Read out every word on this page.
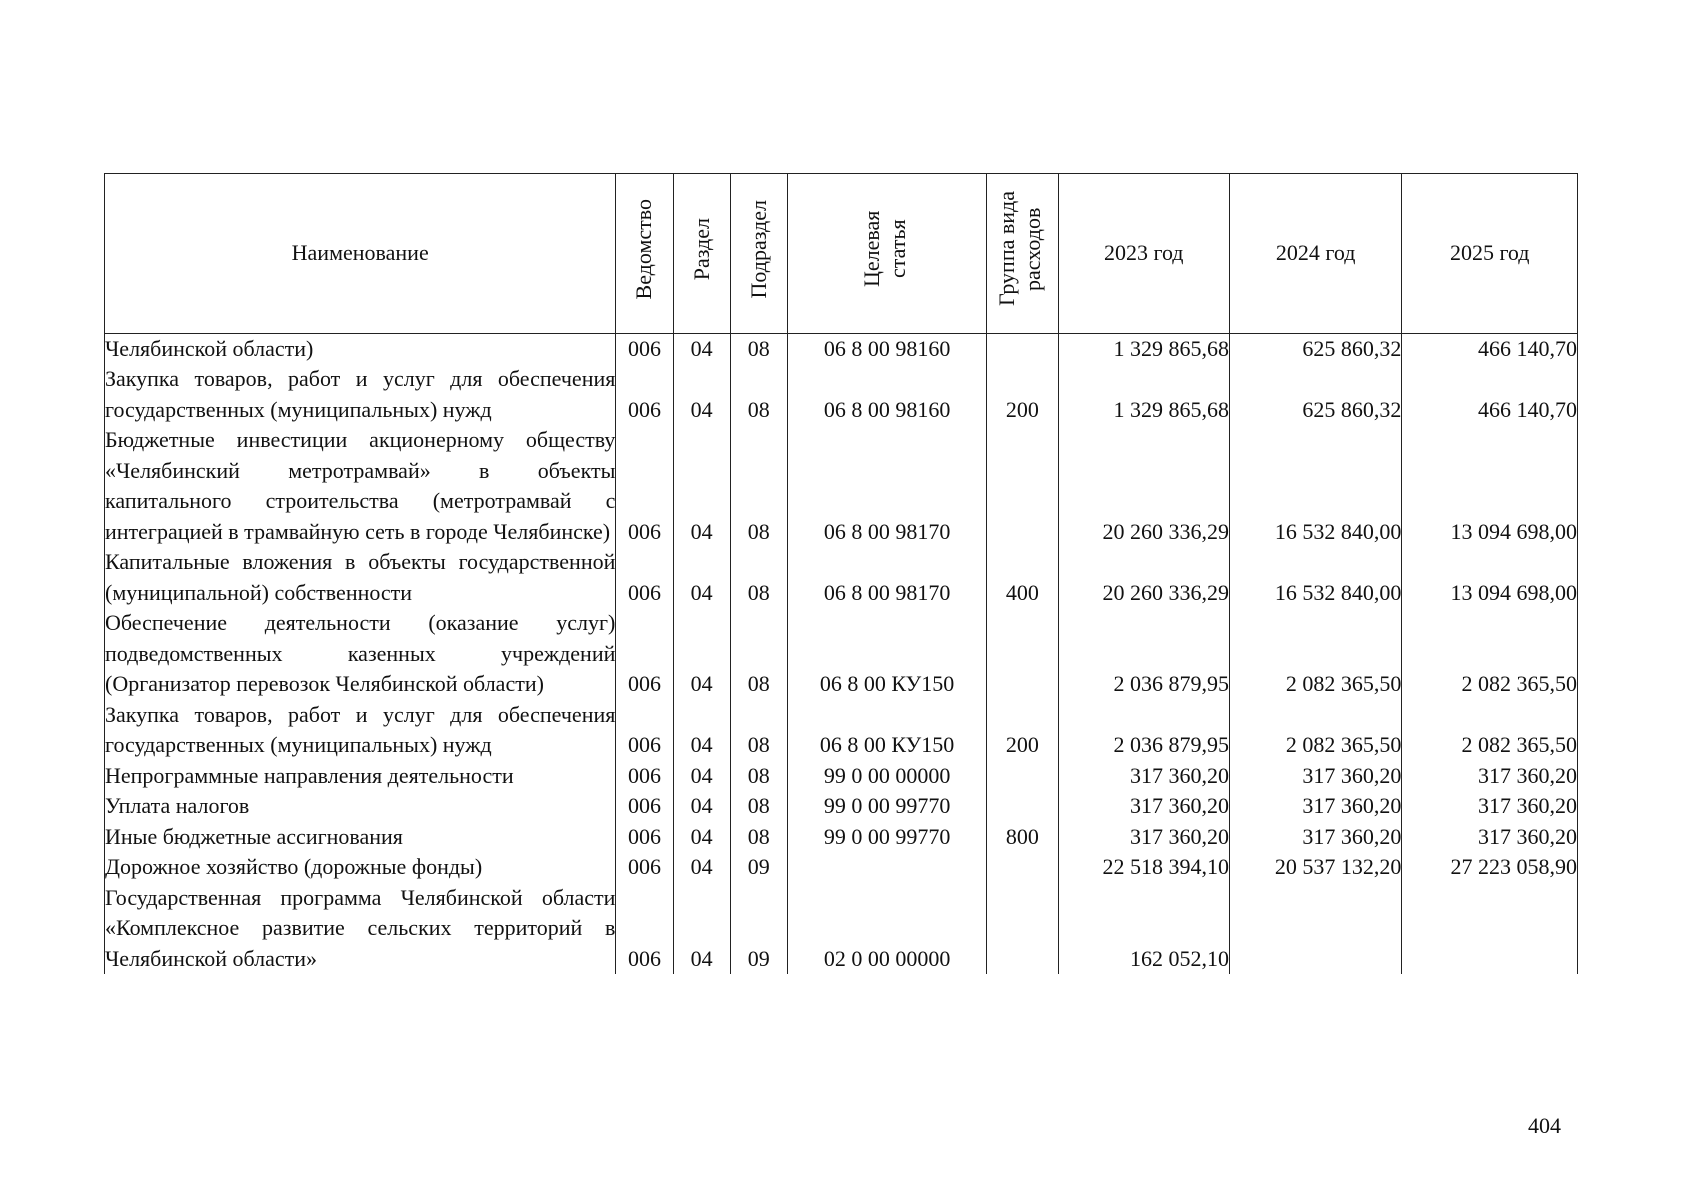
Наименование	Ведомство	Раздел	Подраздел	Целевая статья	Группа вида расходов	2023 год	2024 год	2025 год
Челябинской области)	006	04	08	06 8 00 98160		1 329 865,68	625 860,32	466 140,70
Закупка товаров, работ и услуг для обеспечения государственных (муниципальных) нужд	006	04	08	06 8 00 98160	200	1 329 865,68	625 860,32	466 140,70
Бюджетные инвестиции акционерному обществу «Челябинский метротрамвай» в объекты капитального строительства (метротрамвай с интеграцией в трамвайную сеть в городе Челябинске)	006	04	08	06 8 00 98170		20 260 336,29	16 532 840,00	13 094 698,00
Капитальные вложения в объекты государственной (муниципальной) собственности	006	04	08	06 8 00 98170	400	20 260 336,29	16 532 840,00	13 094 698,00
Обеспечение деятельности (оказание услуг) подведомственных казенных учреждений (Организатор перевозок Челябинской области)	006	04	08	06 8 00 КУ150		2 036 879,95	2 082 365,50	2 082 365,50
Закупка товаров, работ и услуг для обеспечения государственных (муниципальных) нужд	006	04	08	06 8 00 КУ150	200	2 036 879,95	2 082 365,50	2 082 365,50
Непрограммные направления деятельности	006	04	08	99 0 00 00000		317 360,20	317 360,20	317 360,20
Уплата налогов	006	04	08	99 0 00 99770		317 360,20	317 360,20	317 360,20
Иные бюджетные ассигнования	006	04	08	99 0 00 99770	800	317 360,20	317 360,20	317 360,20
Дорожное хозяйство (дорожные фонды)	006	04	09			22 518 394,10	20 537 132,20	27 223 058,90
Государственная программа Челябинской области «Комплексное развитие сельских территорий в Челябинской области»	006	04	09	02 0 00 00000		162 052,10		
404
